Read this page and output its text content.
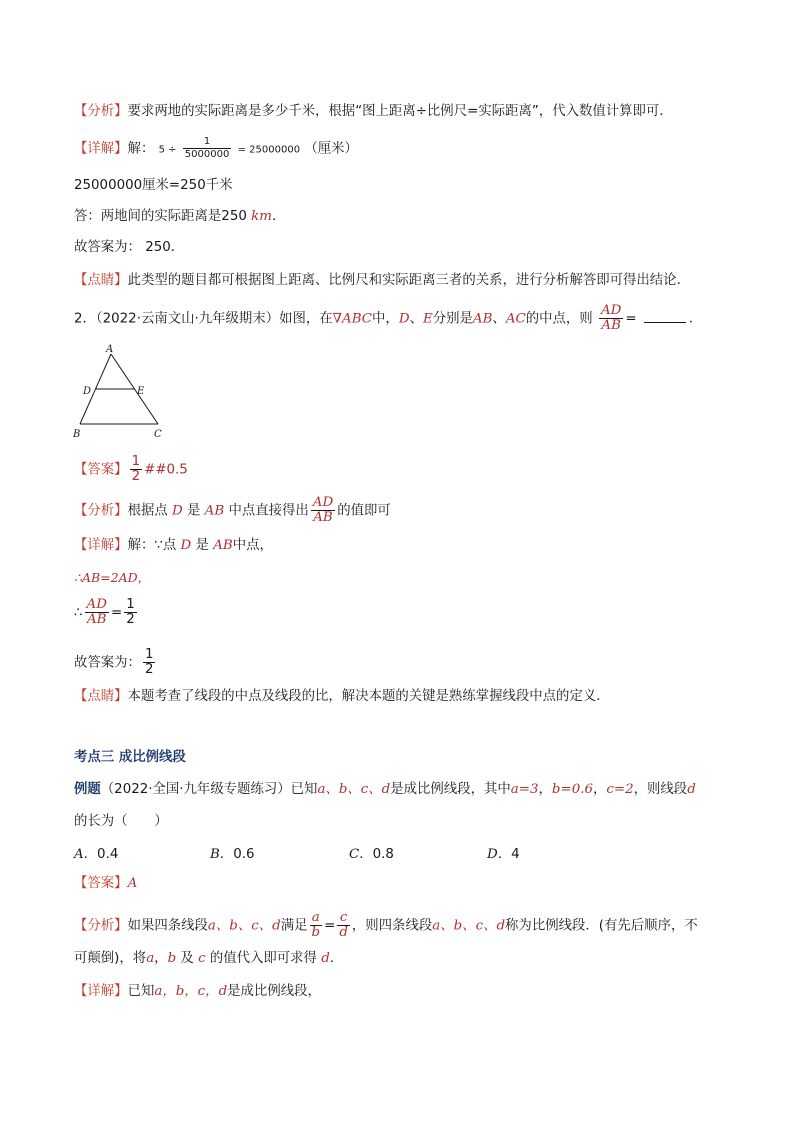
【分析】要求两地的实际距离是多少千米，根据“图上距离÷比例尺=实际距离”，代入数值计算即可．
【详解】解： $5 \div \frac{1}{5000000} = 25000000$ （厘米）
25000000厘米=250千米
答：两地间的实际距离是250 km.
故答案为： 250．
【点睛】此类型的题目都可根据图上距离、比例尺和实际距离三者的关系，进行分析解答即可得出结论．
2．（2022·云南文山·九年级期末）如图，在∇ABC中，D、E分别是AB、AC的中点，则 $\frac{AD}{AB}$ =	．
A
B	C
D	E
【答案】 $\frac{1}{2}$ ##0.5
【分析】根据点 D 是 AB 中点直接得出 $\frac{AD}{AB}$ 的值即可
【详解】解：∵点 D 是 AB中点，
∴AB=2AD，
∴ $\frac{AD}{AB} = \frac{1}{2}$
故答案为： $\frac{1}{2}$
【点睛】本题考查了线段的中点及线段的比，解决本题的关键是熟练掌握线段中点的定义．
考点三 成比例线段
例题（2022·全国·九年级专题练习）已知a、b、c、d是成比例线段，其中a=3，b=0.6，c=2，则线段d
的长为（　　）
A．0.4	B．0.6	C．0.8	D．4
【答案】A
【分析】如果四条线段a、b、c、d满足 $\frac{a}{b} = \frac{c}{d}$ ，则四条线段a、b、c、d称为比例线段．(有先后顺序，不
可颠倒)，将a，b 及 c 的值代入即可求得 d.
【详解】已知a，b，c，d是成比例线段，
